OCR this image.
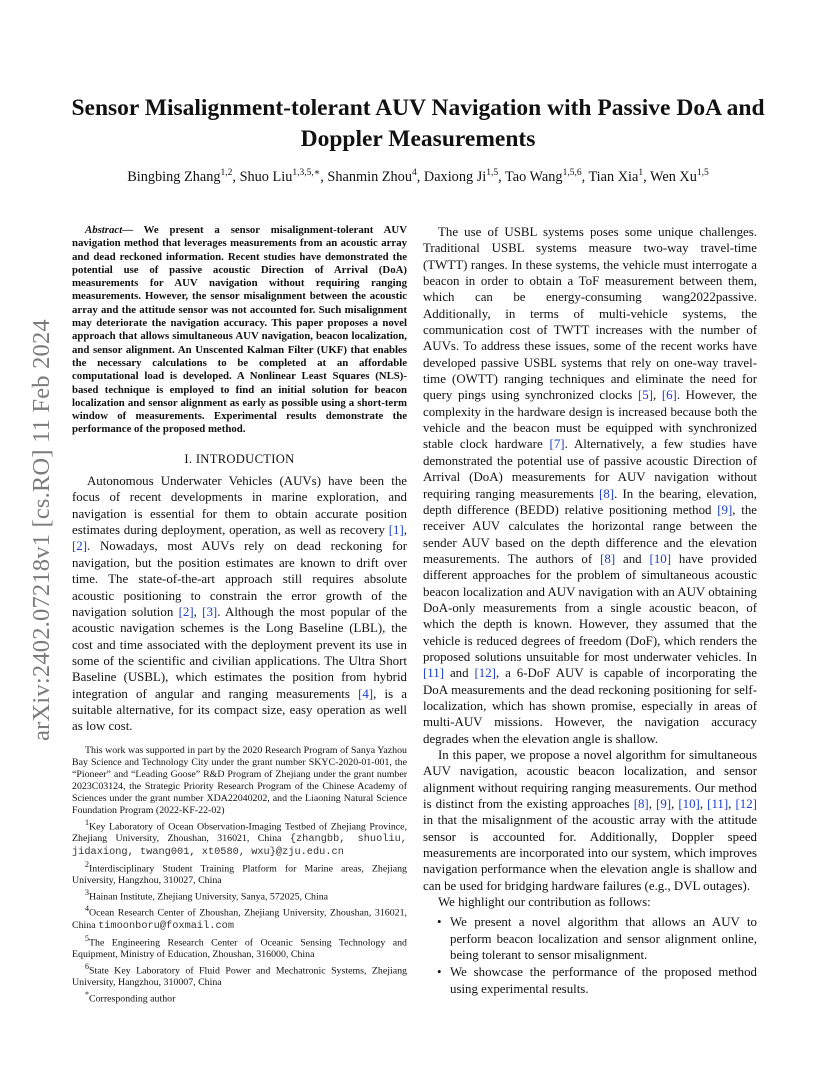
arXiv:2402.07218v1 [cs.RO] 11 Feb 2024
Sensor Misalignment-tolerant AUV Navigation with Passive DoA and
Doppler Measurements
Bingbing Zhang$^{1,2}$, Shuo Liu$^{1,3,5,∗}$, Shanmin Zhou$^4$, Daxiong Ji$^{1,5}$, Tao Wang$^{1,5,6}$, Tian Xia$^1$, Wen Xu$^{1,5}$

Abstract— We present a sensor misalignment-tolerant AUV navigation method that leverages measurements from an acoustic array and dead reckoned information. Recent studies have demonstrated the potential use of passive acoustic Direction of Arrival (DoA) measurements for AUV navigation without requiring ranging measurements. However, the sensor misalignment between the acoustic array and the attitude sensor was not accounted for. Such misalignment may deteriorate the navigation accuracy. This paper proposes a novel approach that allows simultaneous AUV navigation, beacon localization, and sensor alignment. An Unscented Kalman Filter (UKF) that enables the necessary calculations to be completed at an affordable computational load is developed. A Nonlinear Least Squares (NLS)-based technique is employed to find an initial solution for beacon localization and sensor alignment as early as possible using a short-term window of measurements. Experimental results demonstrate the performance of the proposed method.

I. INTRODUCTION

Autonomous Underwater Vehicles (AUVs) have been the focus of recent developments in marine exploration, and navigation is essential for them to obtain accurate position estimates during deployment, operation, as well as recovery [1], [2]. Nowadays, most AUVs rely on dead reckoning for navigation, but the position estimates are known to drift over time. The state-of-the-art approach still requires absolute acoustic positioning to constrain the error growth of the navigation solution [2], [3]. Although the most popular of the acoustic navigation schemes is the Long Baseline (LBL), the cost and time associated with the deployment prevent its use in some of the scientific and civilian applications. The Ultra Short Baseline (USBL), which estimates the position from hybrid integration of angular and ranging measurements [4], is a suitable alternative, for its compact size, easy operation as well as low cost.

This work was supported in part by the 2020 Research Program of Sanya Yazhou Bay Science and Technology City under the grant number SKYC-2020-01-001, the “Pioneer” and “Leading Goose” R&D Program of Zhejiang under the grant number 2023C03124, the Strategic Priority Research Program of the Chinese Academy of Sciences under the grant number XDA22040202, and the Liaoning Natural Science Foundation Program (2022-KF-22-02)

$^1$Key Laboratory of Ocean Observation-Imaging Testbed of Zhejiang Province, Zhejiang University, Zhoushan, 316021, China {zhangbb, shuoliu, jidaxiong, twang001, xt0580, wxu}@zju.edu.cn

$^2$Interdisciplinary Student Training Platform for Marine areas, Zhejiang University, Hangzhou, 310027, China

$^3$Hainan Institute, Zhejiang University, Sanya, 572025, China

$^4$Ocean Research Center of Zhoushan, Zhejiang University, Zhoushan, 316021, China timoonboru@foxmail.com

$^5$The Engineering Research Center of Oceanic Sensing Technology and Equipment, Ministry of Education, Zhoushan, 316000, China

$^6$State Key Laboratory of Fluid Power and Mechatronic Systems, Zhejiang University, Hangzhou, 310007, China

*Corresponding author

The use of USBL systems poses some unique challenges. Traditional USBL systems measure two-way travel-time (TWTT) ranges. In these systems, the vehicle must interrogate a beacon in order to obtain a ToF measurement between them, which can be energy-consuming wang2022passive. Additionally, in terms of multi-vehicle systems, the communication cost of TWTT increases with the number of AUVs. To address these issues, some of the recent works have developed passive USBL systems that rely on one-way travel-time (OWTT) ranging techniques and eliminate the need for query pings using synchronized clocks [5], [6]. However, the complexity in the hardware design is increased because both the vehicle and the beacon must be equipped with synchronized stable clock hardware [7]. Alternatively, a few studies have demonstrated the potential use of passive acoustic Direction of Arrival (DoA) measurements for AUV navigation without requiring ranging measurements [8]. In the bearing, elevation, depth difference (BEDD) relative positioning method [9], the receiver AUV calculates the horizontal range between the sender AUV based on the depth difference and the elevation measurements. The authors of [8] and [10] have provided different approaches for the problem of simultaneous acoustic beacon localization and AUV navigation with an AUV obtaining DoA-only measurements from a single acoustic beacon, of which the depth is known. However, they assumed that the vehicle is reduced degrees of freedom (DoF), which renders the proposed solutions unsuitable for most underwater vehicles. In [11] and [12], a 6-DoF AUV is capable of incorporating the DoA measurements and the dead reckoning positioning for self-localization, which has shown promise, especially in areas of multi-AUV missions. However, the navigation accuracy degrades when the elevation angle is shallow.

In this paper, we propose a novel algorithm for simultaneous AUV navigation, acoustic beacon localization, and sensor alignment without requiring ranging measurements. Our method is distinct from the existing approaches [8], [9], [10], [11], [12] in that the misalignment of the acoustic array with the attitude sensor is accounted for. Additionally, Doppler speed measurements are incorporated into our system, which improves navigation performance when the elevation angle is shallow and can be used for bridging hardware failures (e.g., DVL outages).

We highlight our contribution as follows:

• We present a novel algorithm that allows an AUV to perform beacon localization and sensor alignment online, being tolerant to sensor misalignment.
• We showcase the performance of the proposed method using experimental results.
